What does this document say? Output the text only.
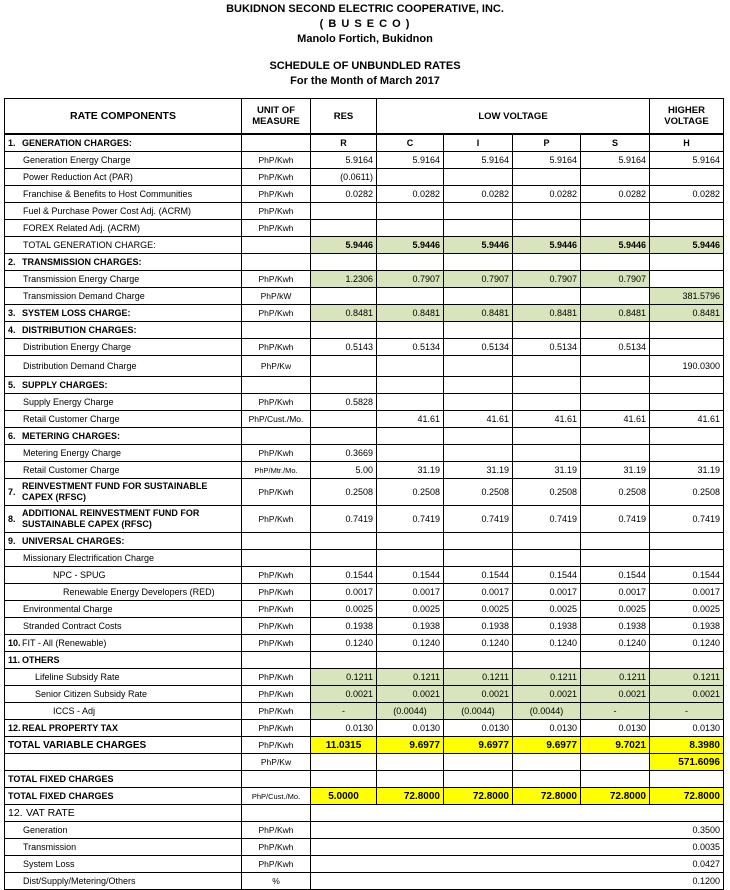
BUKIDNON SECOND ELECTRIC COOPERATIVE, INC.
( B U S E C O )
Manolo Fortich, Bukidnon
SCHEDULE OF UNBUNDLED RATES
For the Month of March 2017
RATE COMPONENTS	UNIT OF MEASURE	RES	LOW VOLTAGE				HIGHER VOLTAGE
1. GENERATION CHARGES:		R	C	I	P	S	H
Generation Energy Charge	PhP/Kwh	5.9164	5.9164	5.9164	5.9164	5.9164	5.9164
Power Reduction Act (PAR)	PhP/Kwh	(0.0611)					
Franchise & Benefits to Host Communities	PhP/Kwh	0.0282	0.0282	0.0282	0.0282	0.0282	0.0282
Fuel & Purchase Power Cost Adj. (ACRM)	PhP/Kwh						
FOREX Related Adj. (ACRM)	PhP/Kwh						
TOTAL GENERATION CHARGE:		5.9446	5.9446	5.9446	5.9446	5.9446	5.9446
2. TRANSMISSION CHARGES:							
Transmission Energy Charge	PhP/Kwh	1.2306	0.7907	0.7907	0.7907	0.7907	
Transmission Demand Charge	PhP/kW						381.5796
3. SYSTEM LOSS CHARGE:	PhP/Kwh	0.8481	0.8481	0.8481	0.8481	0.8481	0.8481
4. DISTRIBUTION CHARGES:							
Distribution Energy Charge	PhP/Kwh	0.5143	0.5134	0.5134	0.5134	0.5134	
Distribution Demand Charge	PhP/Kw						190.0300
5. SUPPLY CHARGES:							
Supply Energy Charge	PhP/Kwh	0.5828					
Retail Customer Charge	PhP/Cust./Mo.		41.61	41.61	41.61	41.61	41.61
6. METERING CHARGES:							
Metering Energy Charge	PhP/Kwh	0.3669					
Retail Customer Charge	PhP/Mtr./Mo.	5.00	31.19	31.19	31.19	31.19	31.19

7.
REINVESTMENT FUND FOR SUSTAINABLE CAPEX (RFSC)	PhP/Kwh	0.2508	0.2508	0.2508	0.2508	0.2508	0.2508

8.
ADDITIONAL REINVESTMENT FUND FOR SUSTAINABLE CAPEX (RFSC)	PhP/Kwh	0.7419	0.7419	0.7419	0.7419	0.7419	0.7419
9. UNIVERSAL CHARGES:							
Missionary Electrification Charge							
NPC - SPUG	PhP/Kwh	0.1544	0.1544	0.1544	0.1544	0.1544	0.1544
Renewable Energy Developers (RED)	PhP/Kwh	0.0017	0.0017	0.0017	0.0017	0.0017	0.0017
Environmental Charge	PhP/Kwh	0.0025	0.0025	0.0025	0.0025	0.0025	0.0025
Stranded Contract Costs	PhP/Kwh	0.1938	0.1938	0.1938	0.1938	0.1938	0.1938
10.FIT - All (Renewable)	PhP/Kwh	0.1240	0.1240	0.1240	0.1240	0.1240	0.1240
11. OTHERS							
Lifeline Subsidy Rate	PhP/Kwh	0.1211	0.1211	0.1211	0.1211	0.1211	0.1211
Senior Citizen Subsidy Rate	PhP/Kwh	0.0021	0.0021	0.0021	0.0021	0.0021	0.0021
ICCS - Adj	PhP/Kwh	-	(0.0044)	(0.0044)	(0.0044)	-	-
12.REAL PROPERTY TAX	PhP/Kwh	0.0130	0.0130	0.0130	0.0130	0.0130	0.0130
TOTAL VARIABLE CHARGES	PhP/Kwh	11.0315	9.6977	9.6977	9.6977	9.7021	8.3980
	PhP/Kw						571.6096
TOTAL FIXED CHARGES							
TOTAL FIXED CHARGES	PhP/Cust./Mo.	5.0000	72.8000	72.8000	72.8000	72.8000	72.8000
12. VAT RATE							
Generation	PhP/Kwh	0.3500					
Transmission	PhP/Kwh	0.0035					
System Loss	PhP/Kwh	0.0427					
Dist/Supply/Metering/Others	%	0.1200					
